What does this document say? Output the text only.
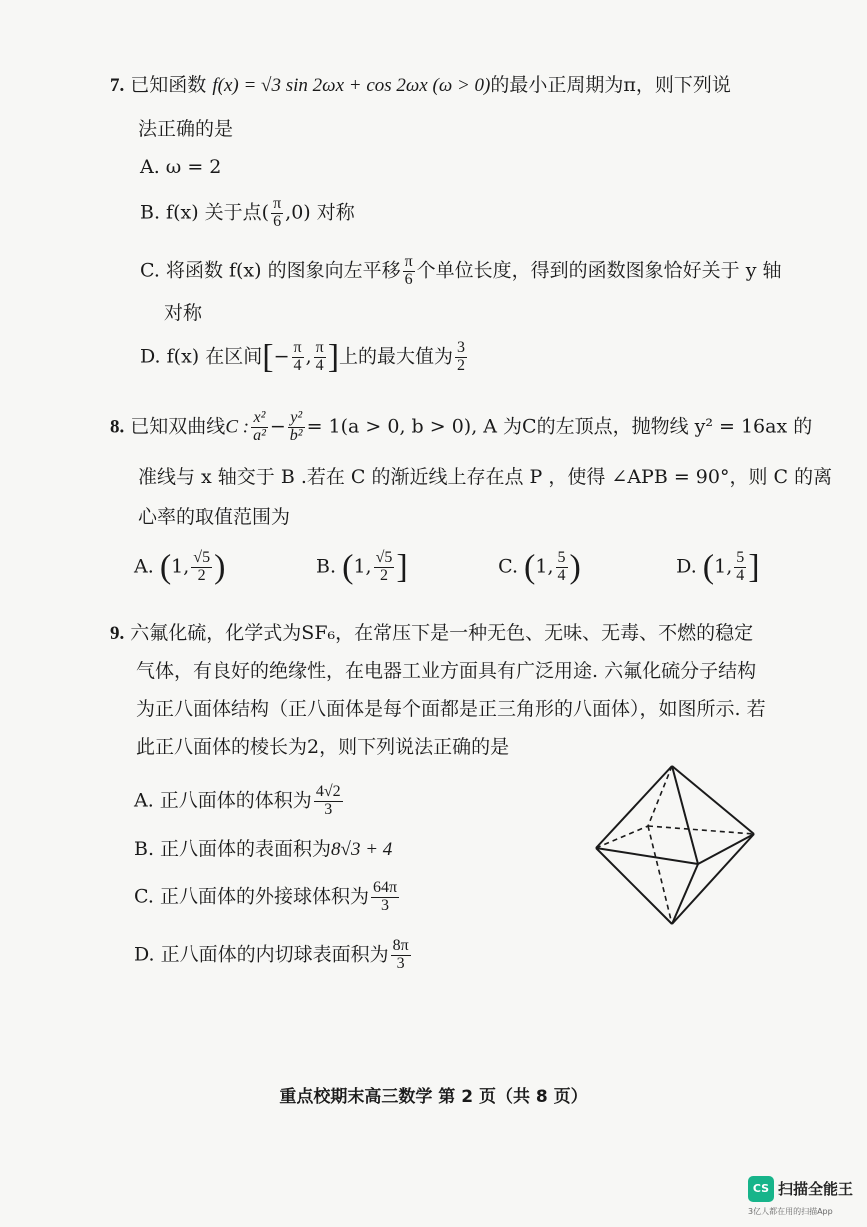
7. 已知函数 f(x) = √3 sin 2ωx + cos 2ωx (ω > 0)的最小正周期为π，则下列说
法正确的是
A. ω = 2
B. f(x) 关于点( $\frac{\pi}{6} ,0$) 对称
C. 将函数 f(x) 的图象向左平移 $\frac{\pi}{6}$ 个单位长度，得到的函数图象恰好关于 y 轴
对称
D. f(x) 在区间[− $\frac{\pi}{4}$ , $\frac{\pi}{4}$ ]上的最大值为 $\frac{3}{2}$
8. 已知双曲线C : $\frac{\text{x²}}{\text{a²}} - \frac{\text{y²}}{\text{b²}} = 1(a > 0$, b > 0), A 为C的左顶点，抛物线 y² = 16ax 的
准线与 x 轴交于 B .若在 C 的渐近线上存在点 P ，使得 ∠APB = 90°，则 C 的离
心率的取值范围为
A. (1, $\frac{√5}{2}$ )	B. (1, $\frac{√5}{2}$ ]	C. (1, $\frac{5}{4}$ )	D. (1, $\frac{5}{4}$ ]
9. 六氟化硫，化学式为SF₆，在常压下是一种无色、无味、无毒、不燃的稳定
气体，有良好的绝缘性，在电器工业方面具有广泛用途. 六氟化硫分子结构
为正八面体结构（正八面体是每个面都是正三角形的八面体），如图所示. 若
此正八面体的棱长为2，则下列说法正确的是
A. 正八面体的体积为 $\frac{4√2}{3}$
B. 正八面体的表面积为8√3 + 4
C. 正八面体的外接球体积为 $\frac{64\pi}{3}$
D. 正八面体的内切球表面积为 $\frac{8\pi}{3}$
重点校期末高三数学 第 2 页（共 8 页）
CS 扫描全能王
3亿人都在用的扫描App
